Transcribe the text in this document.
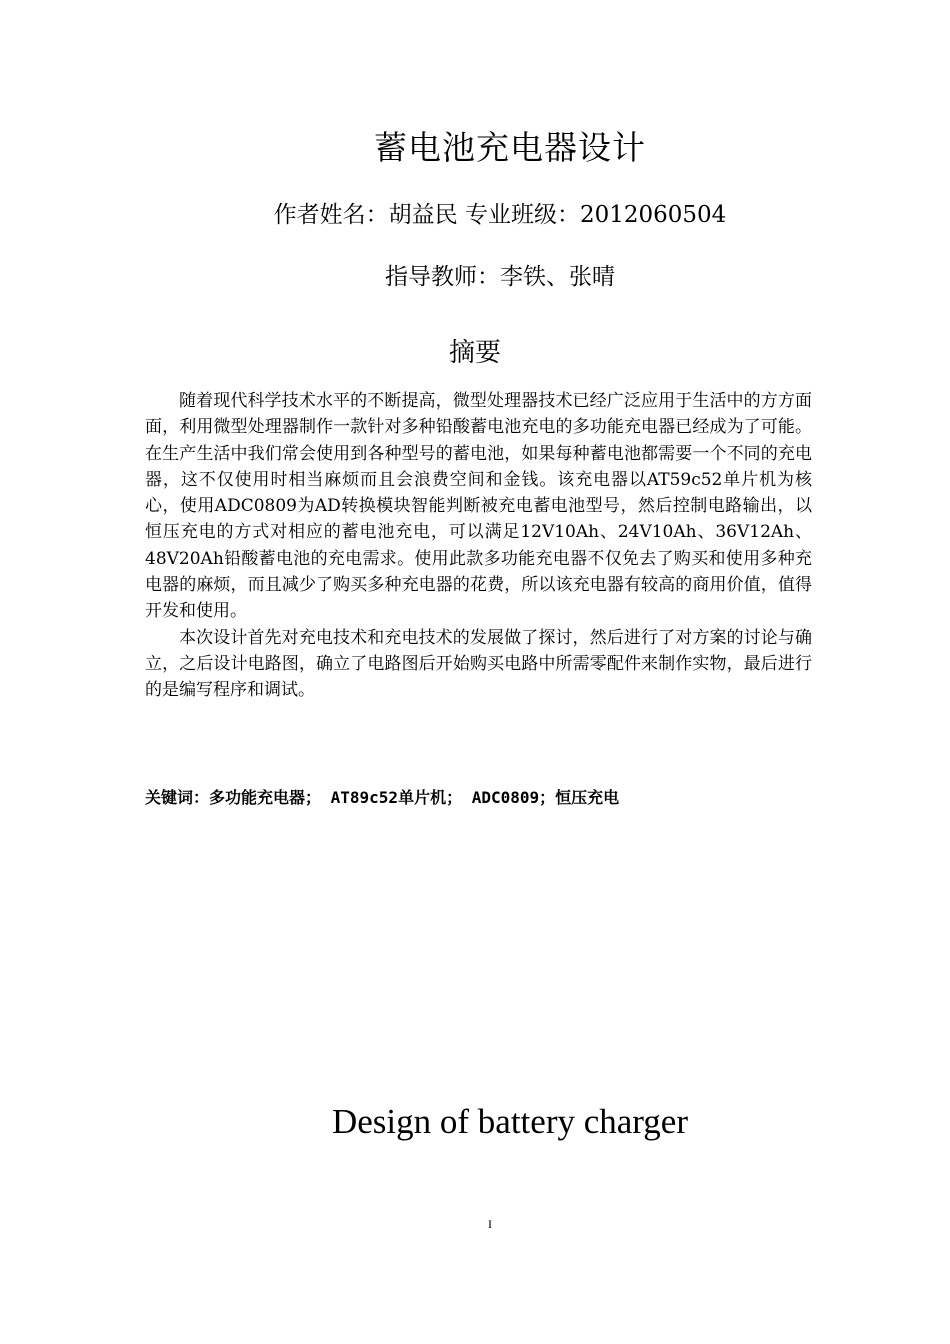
蓄电池充电器设计
作者姓名：胡益民 专业班级：2012060504
指导教师：李铁、张晴
摘要

随着现代科学技术水平的不断提高，微型处理器技术已经广泛应用于生活中的方方面面，利用微型处理器制作一款针对多种铅酸蓄电池充电的多功能充电器已经成为了可能。在生产生活中我们常会使用到各种型号的蓄电池，如果每种蓄电池都需要一个不同的充电器，这不仅使用时相当麻烦而且会浪费空间和金钱。该充电器以AT59c52单片机为核心，使用ADC0809为AD转换模块智能判断被充电蓄电池型号，然后控制电路输出，以恒压充电的方式对相应的蓄电池充电，可以满足12V10Ah、24V10Ah、36V12Ah、48V20Ah铅酸蓄电池的充电需求。使用此款多功能充电器不仅免去了购买和使用多种充电器的麻烦，而且减少了购买多种充电器的花费，所以该充电器有较高的商用价值，值得开发和使用。

本次设计首先对充电技术和充电技术的发展做了探讨，然后进行了对方案的讨论与确立，之后设计电路图，确立了电路图后开始购买电路中所需零配件来制作实物，最后进行的是编写程序和调试。

关键词：多功能充电器； AT89c52单片机； ADC0809；恒压充电
Design of battery charger
I
